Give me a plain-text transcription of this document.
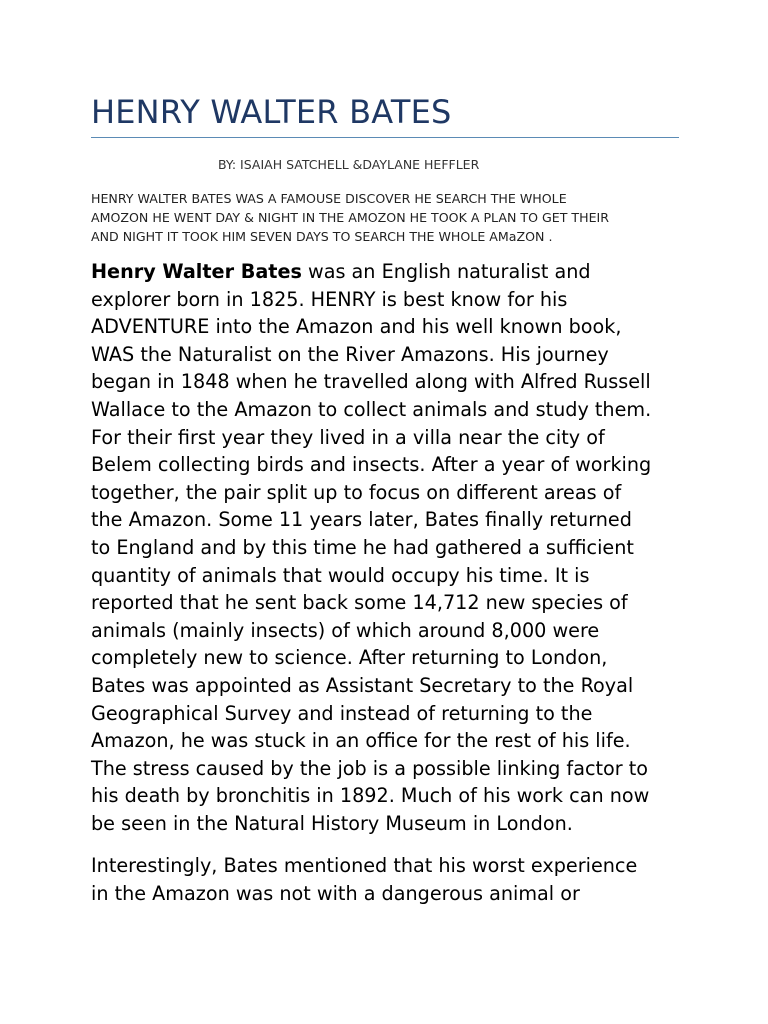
HENRY WALTER BATES
BY: ISAIAH SATCHELL &DAYLANE HEFFLER
HENRY WALTER BATES WAS A FAMOUSE DISCOVER HE SEARCH THE WHOLE
AMOZON HE WENT DAY & NIGHT IN THE AMOZON HE TOOK A PLAN TO GET THEIR
AND NIGHT IT TOOK HIM SEVEN DAYS TO SEARCH THE WHOLE AMaZON .
Henry Walter Bates was an English naturalist and
explorer born in 1825. HENRY is best know for his
ADVENTURE into the Amazon and his well known book,
WAS the Naturalist on the River Amazons. His journey
began in 1848 when he travelled along with Alfred Russell
Wallace to the Amazon to collect animals and study them.
For their first year they lived in a villa near the city of
Belem collecting birds and insects. After a year of working
together, the pair split up to focus on different areas of
the Amazon. Some 11 years later, Bates finally returned
to England and by this time he had gathered a sufficient
quantity of animals that would occupy his time. It is
reported that he sent back some 14,712 new species of
animals (mainly insects) of which around 8,000 were
completely new to science. After returning to London,
Bates was appointed as Assistant Secretary to the Royal
Geographical Survey and instead of returning to the
Amazon, he was stuck in an office for the rest of his life.
The stress caused by the job is a possible linking factor to
his death by bronchitis in 1892. Much of his work can now
be seen in the Natural History Museum in London.
Interestingly, Bates mentioned that his worst experience
in the Amazon was not with a dangerous animal or
